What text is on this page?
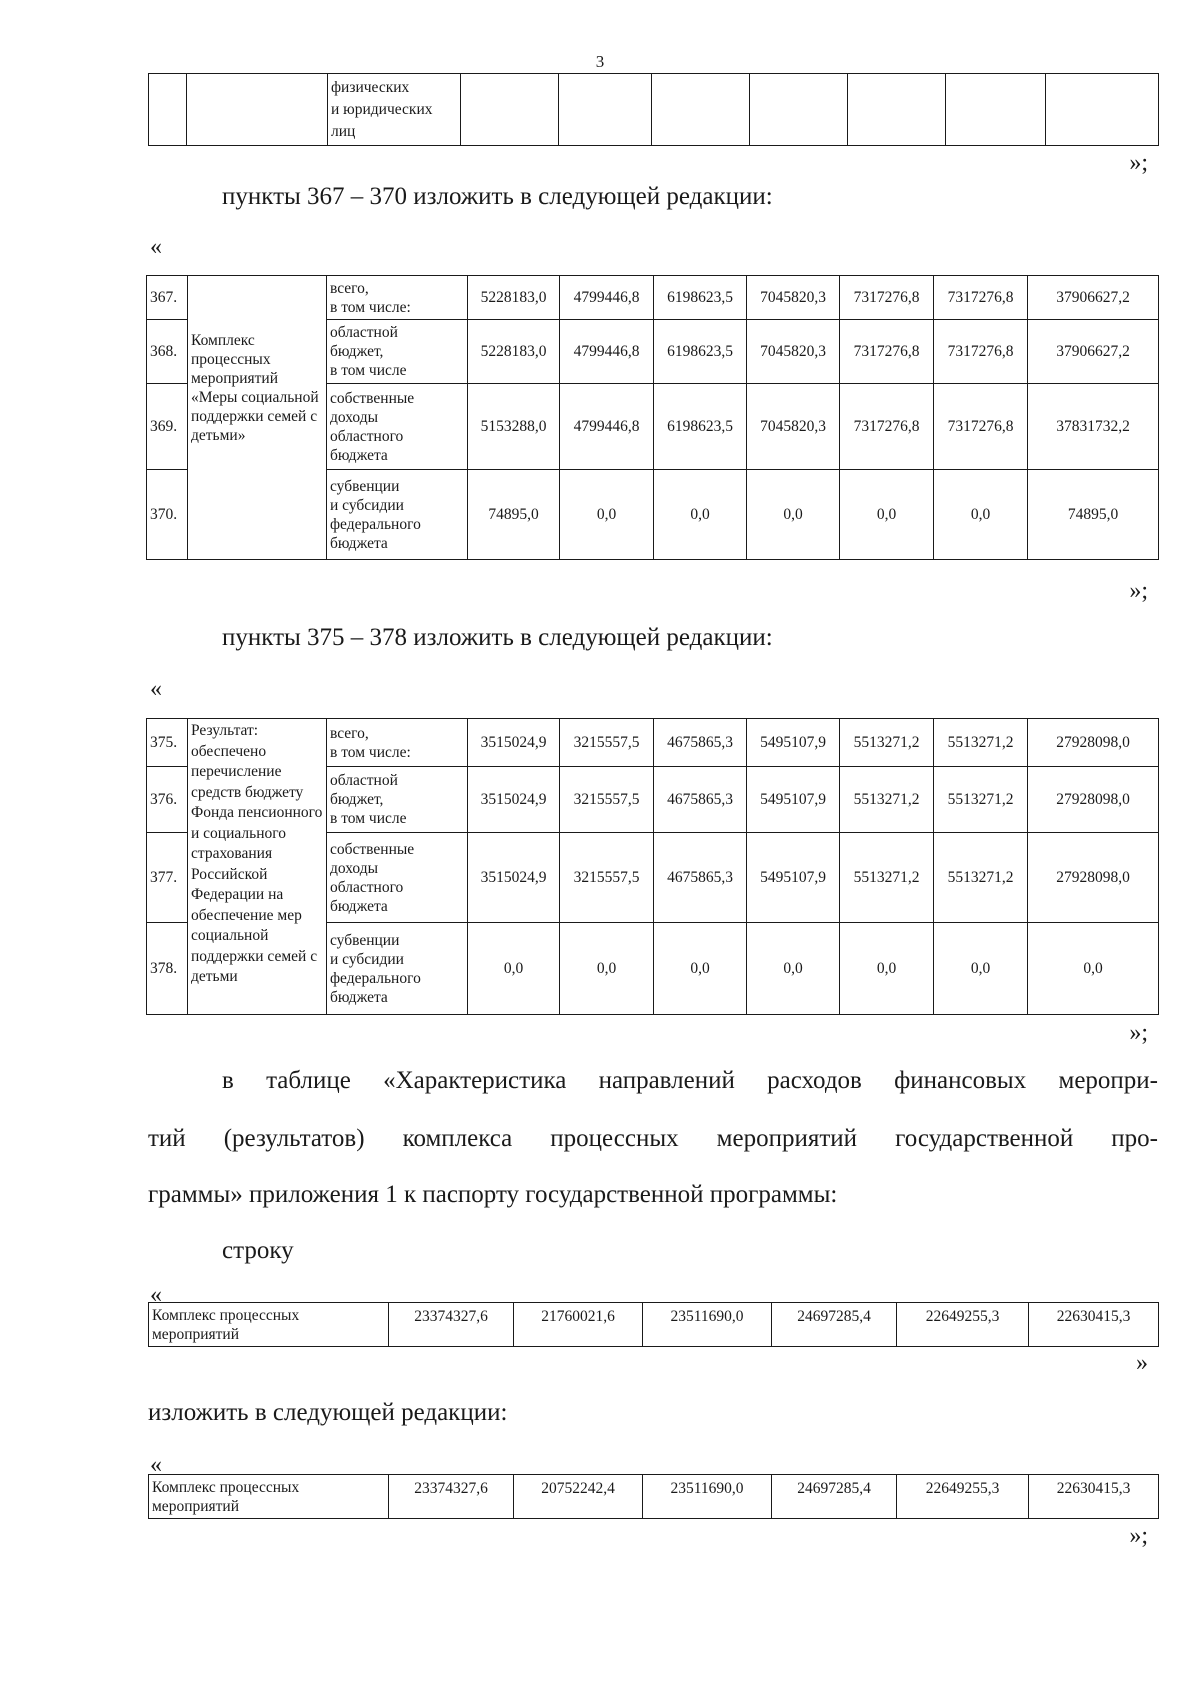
3
		физических
и юридических
лиц							
»;
пункты 367 – 370 изложить в следующей редакции:
«
367.	Комплекс процессных мероприятий «Меры социальной поддержки семей с детьми»	всего,
в том числе:	5228183,0	4799446,8	6198623,5	7045820,3	7317276,8	7317276,8	37906627,2
368.		областной
бюджет,
в том числе	5228183,0	4799446,8	6198623,5	7045820,3	7317276,8	7317276,8	37906627,2
369.		собственные
доходы
областного
бюджета	5153288,0	4799446,8	6198623,5	7045820,3	7317276,8	7317276,8	37831732,2
370.		субвенции
и субсидии
федерального
бюджета	74895,0	0,0	0,0	0,0	0,0	0,0	74895,0
»;
пункты 375 – 378 изложить в следующей редакции:
«
375.	Результат: обеспечено перечисление средств бюджету Фонда пенсионного и социального страхования Российской Федерации на обеспечение мер социальной поддержки семей с детьми	всего,
в том числе:	3515024,9	3215557,5	4675865,3	5495107,9	5513271,2	5513271,2	27928098,0
376.		областной
бюджет,
в том числе	3515024,9	3215557,5	4675865,3	5495107,9	5513271,2	5513271,2	27928098,0
377.		собственные
доходы
областного
бюджета	3515024,9	3215557,5	4675865,3	5495107,9	5513271,2	5513271,2	27928098,0
378.		субвенции
и субсидии
федерального
бюджета	0,0	0,0	0,0	0,0	0,0	0,0	0,0
»;
в таблице «Характеристика направлений расходов финансовых меропри-
тий (результатов) комплекса процессных мероприятий государственной про-
граммы» приложения 1 к паспорту государственной программы:
строку
«
Комплекс процессных
мероприятий	23374327,6	21760021,6	23511690,0	24697285,4	22649255,3	22630415,3
»
изложить в следующей редакции:
«
Комплекс процессных
мероприятий	23374327,6	20752242,4	23511690,0	24697285,4	22649255,3	22630415,3
»;
